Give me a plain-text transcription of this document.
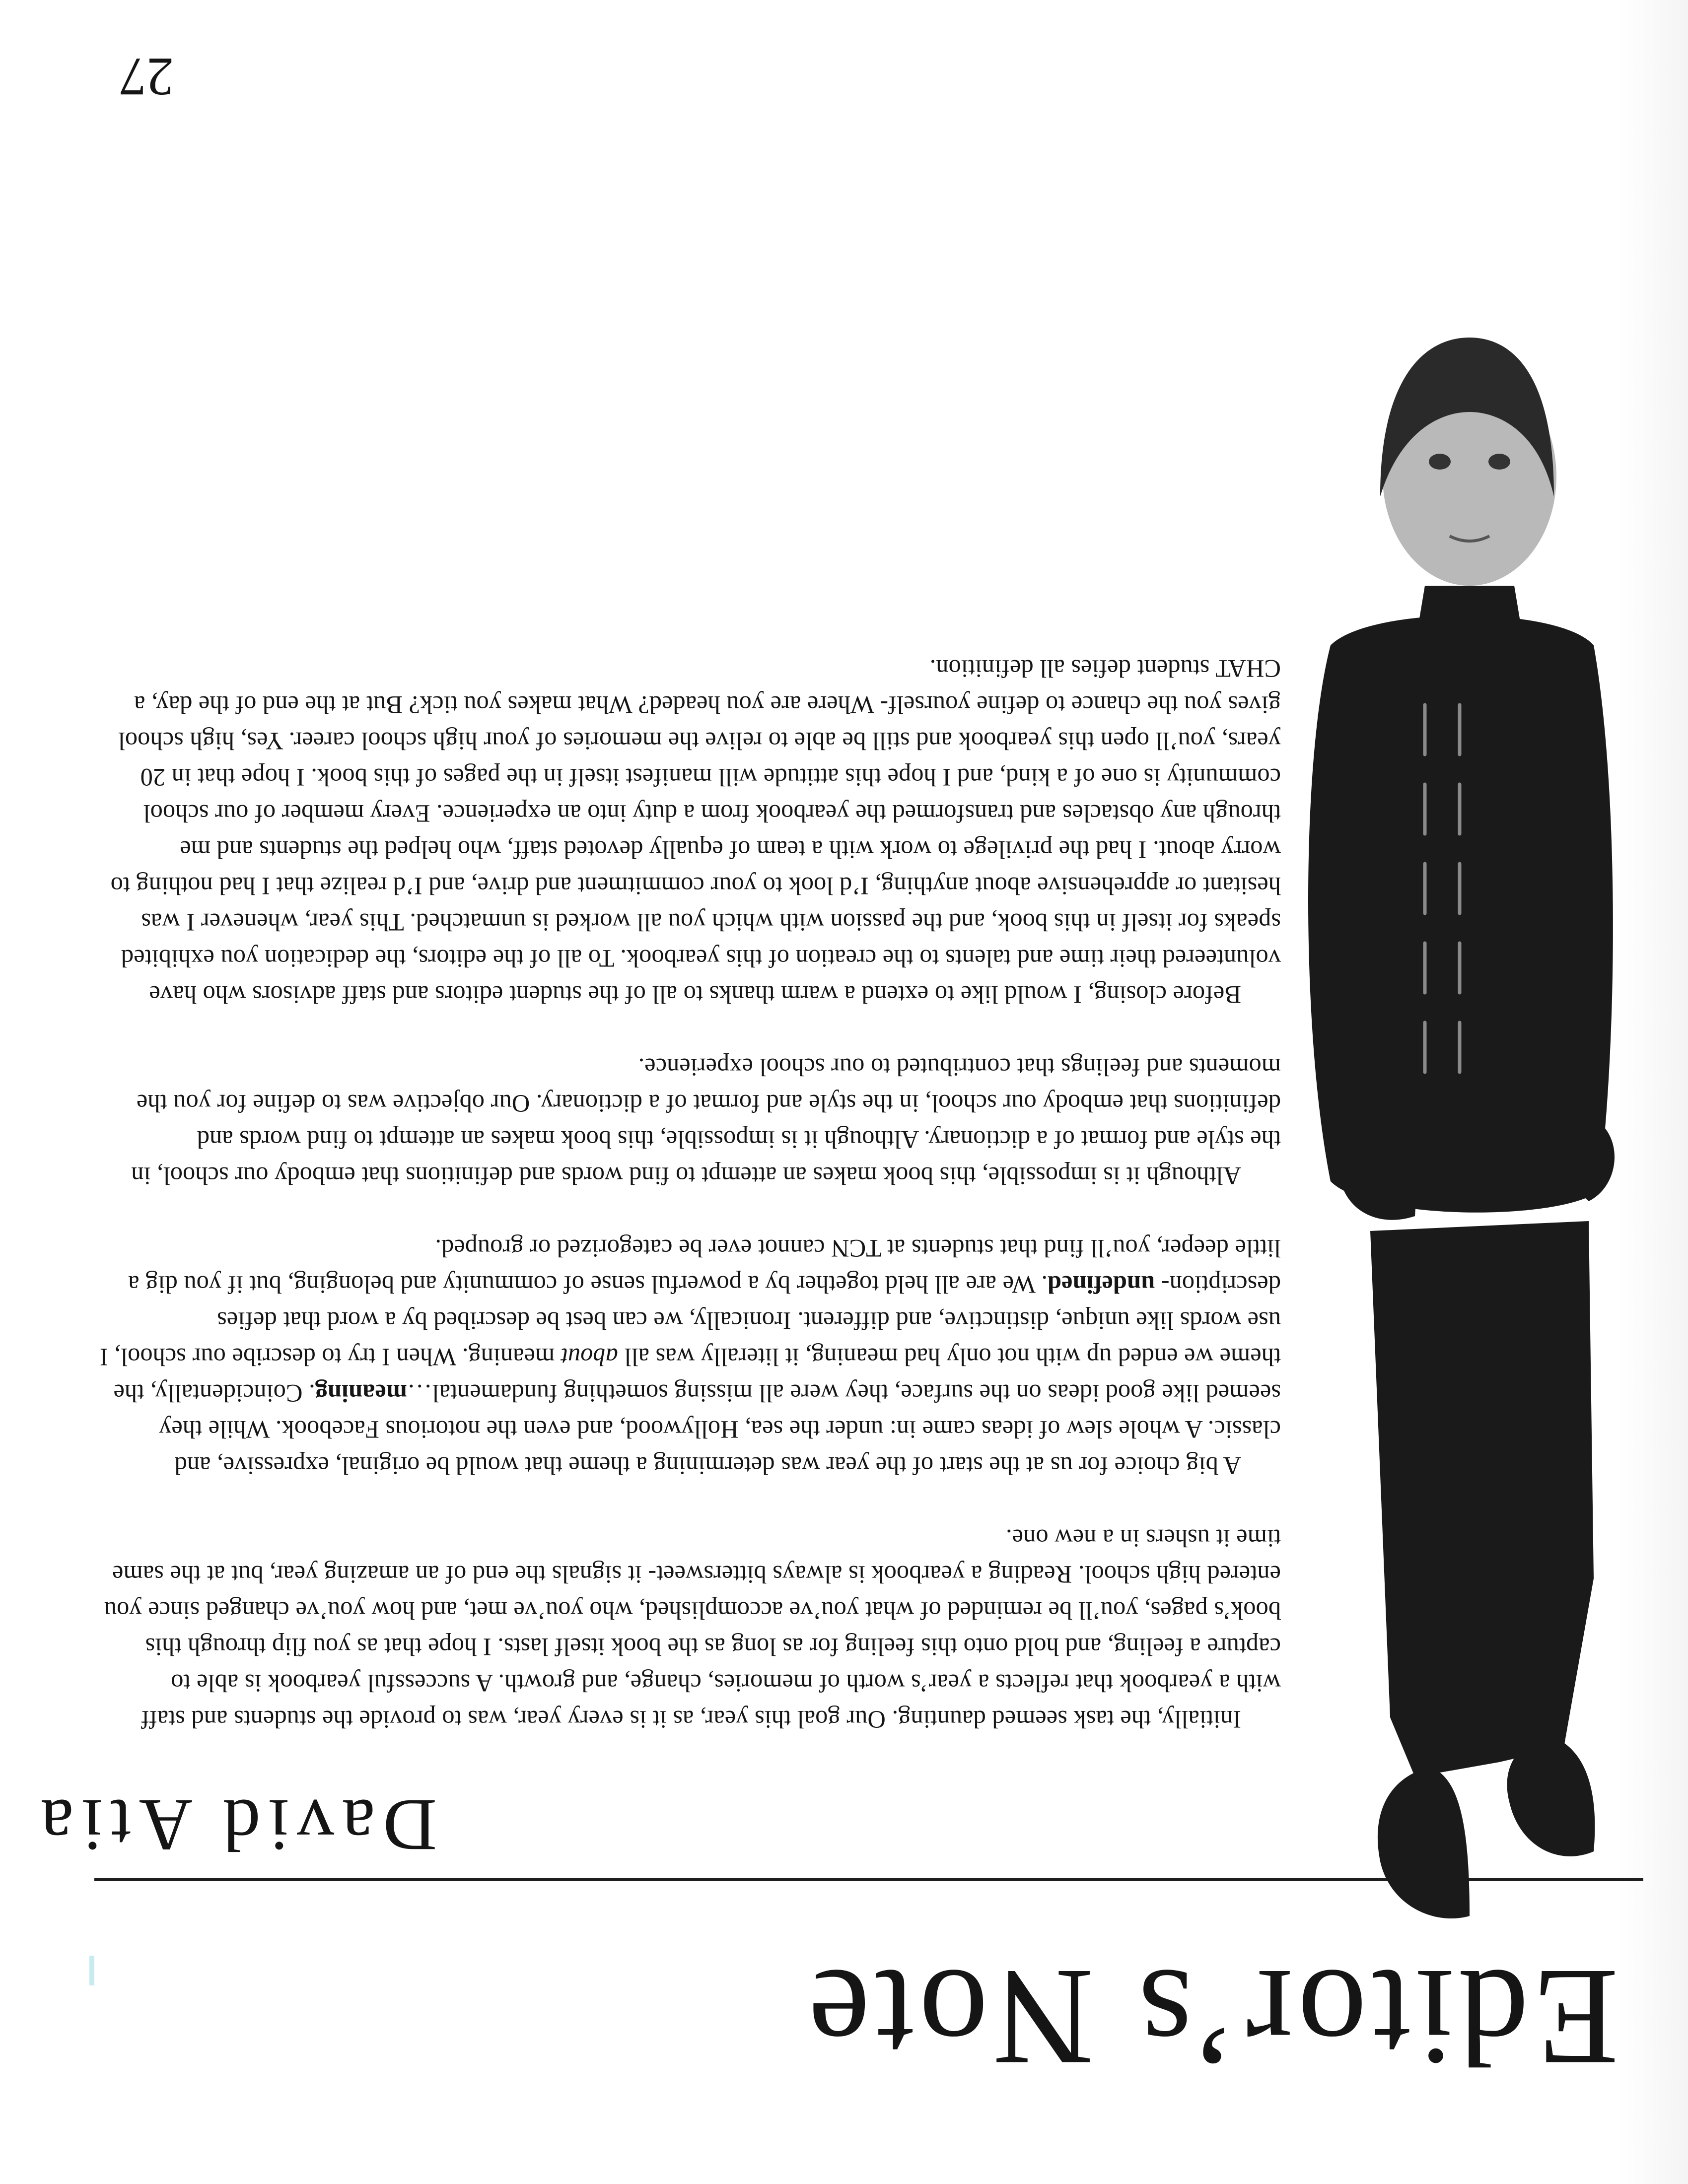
Editor’s Note
David Atia

Initially, the task seemed daunting. Our goal this year, as it is every year, was to provide the students and staff with a yearbook that reflects a year’s worth of memories, change, and growth. A successful yearbook is able to capture a feeling, and hold onto this feeling for as long as the book itself lasts. I hope that as you flip through this book’s pages, you’ll be reminded of what you’ve accomplished, who you’ve met, and how you’ve changed since you entered high school. Reading a yearbook is always bittersweet- it signals the end of an amazing year, but at the same time it ushers in a new one.

A big choice for us at the start of the year was determining a theme that would be original, expressive, and classic. A whole slew of ideas came in: under the sea, Hollywood, and even the notorious Facebook. While they seemed like good ideas on the surface, they were all missing something fundamental…meaning. Coincidentally, the theme we ended up with not only had meaning, it literally was all about meaning. When I try to describe our school, I use words like unique, distinctive, and different. Ironically, we can best be described by a word that defies description- undefined. We are all held together by a powerful sense of community and belonging, but if you dig a little deeper, you’ll find that students at TCN cannot ever be categorized or grouped.

Although it is impossible, this book makes an attempt to find words and definitions that embody our school, in the style and format of a dictionary. Although it is impossible, this book makes an attempt to find words and definitions that embody our school, in the style and format of a dictionary. Our objective was to define for you the moments and feelings that contributed to our school experience.

Before closing, I would like to extend a warm thanks to all of the student editors and staff advisors who have volunteered their time and talents to the creation of this yearbook. To all of the editors, the dedication you exhibited speaks for itself in this book, and the passion with which you all worked is unmatched. This year, whenever I was hesitant or apprehensive about anything, I’d look to your commitment and drive, and I’d realize that I had nothing to worry about. I had the privilege to work with a team of equally devoted staff, who helped the students and me through any obstacles and transformed the yearbook from a duty into an experience. Every member of our school community is one of a kind, and I hope this attitude will manifest itself in the pages of this book. I hope that in 20 years, you’ll open this yearbook and still be able to relive the memories of your high school career. Yes, high school gives you the chance to define yourself- Where are you headed? What makes you tick? But at the end of the day, a CHAT student defies all definition.

27
